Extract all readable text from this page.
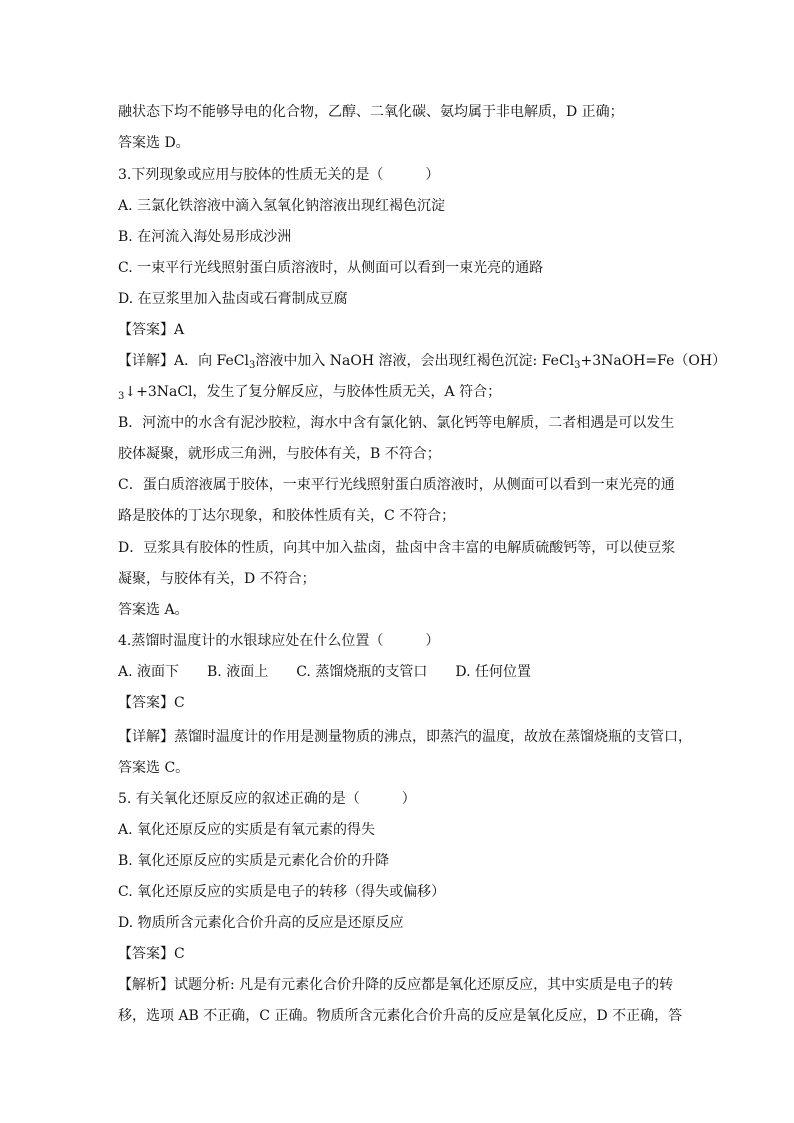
融状态下均不能够导电的化合物，乙醇、二氧化碳、氨均属于非电解质，D 正确；
答案选 D。
3.下列现象或应用与胶体的性质无关的是（　　　）
A. 三氯化铁溶液中滴入氢氧化钠溶液出现红褐色沉淀
B. 在河流入海处易形成沙洲
C. 一束平行光线照射蛋白质溶液时，从侧面可以看到一束光亮的通路
D. 在豆浆里加入盐卤或石膏制成豆腐
【答案】A
【详解】A．向 FeCl$_3$溶液中加入 NaOH 溶液，会出现红褐色沉淀: FeCl$_3$+3NaOH=Fe（OH）
$_3$↓+3NaCl，发生了复分解反应，与胶体性质无关，A 符合；
B．河流中的水含有泥沙胶粒，海水中含有氯化钠、氯化钙等电解质，二者相遇是可以发生
胶体凝聚，就形成三角洲，与胶体有关，B 不符合；
C．蛋白质溶液属于胶体，一束平行光线照射蛋白质溶液时，从侧面可以看到一束光亮的通
路是胶体的丁达尔现象，和胶体性质有关，C 不符合；
D．豆浆具有胶体的性质，向其中加入盐卤，盐卤中含丰富的电解质硫酸钙等，可以使豆浆
凝聚，与胶体有关，D 不符合；
答案选 A。
4.蒸馏时温度计的水银球应处在什么位置（　　　）
A. 液面下 B. 液面上 C. 蒸馏烧瓶的支管口 D. 任何位置
【答案】C
【详解】蒸馏时温度计的作用是测量物质的沸点，即蒸汽的温度，故放在蒸馏烧瓶的支管口，
答案选 C。
5. 有关氧化还原反应的叙述正确的是（　　　）
A. 氧化还原反应的实质是有氧元素的得失
B. 氧化还原反应的实质是元素化合价的升降
C. 氧化还原反应的实质是电子的转移（得失或偏移）
D. 物质所含元素化合价升高的反应是还原反应
【答案】C
【解析】试题分析: 凡是有元素化合价升降的反应都是氧化还原反应，其中实质是电子的转
移，选项 AB 不正确，C 正确。物质所含元素化合价升高的反应是氧化反应，D 不正确，答
